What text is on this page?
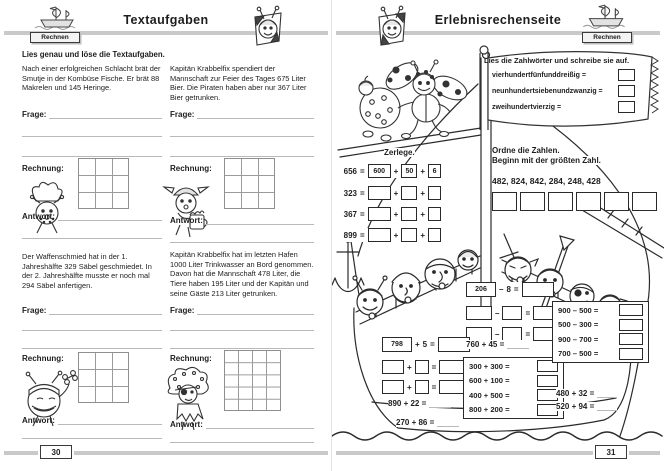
Textaufgaben
Rechnen
Lies genau und löse die Textaufgaben.
Nach einer erfolgreichen Schlacht brät der Smutje in der Kombüse Fische. Er brät 88 Makrelen und 145 Heringe.
Kapitän Krabbelfix spendiert der Mannschaft zur Feier des Tages 675 Liter Bier. Die Piraten haben aber nur 367 Liter Bier getrunken.
Frage:	Frage:
Rechnung:	Rechnung:
Antwort:	Antwort:
Der Waffenschmied hat in der 1. Jahreshälfte 329 Säbel geschmiedet. In der 2. Jahreshälfte musste er noch mal 294 Säbel anfertigen.
Kapitän Krabbelfix hat im letzten Hafen 1000 Liter Trinkwasser an Bord genommen. Davon hat die Mannschaft 478 Liter, die Tiere haben 195 Liter und der Kapitän und seine Gäste 213 Liter getrunken.
Frage:	Frage:
Rechnung:	Rechnung:
Antwort:	Antwort:
30
Erlebnisrechenseite
Rechnen
Lies die Zahlwörter und schreibe sie auf.
vierhundertfünfunddreißig =
neunhundertsiebenundzwanzig =
zweihundertvierzig =
Zerlege.
656 =	600	+	50 +	6
323 =	+	+
367 =	+	+
899 =	+	+
Ordne die Zahlen.
Beginn mit der größten Zahl.
482, 824, 842, 284, 248, 428
206	– 8 =
–	=
–	=
798	+ 5 =
+	=
+	=
890 + 22 =
270 + 86 =
760 + 45 =
300 + 300 =
600 + 100 =
400 + 500 =
800 + 200 =
900 – 500 =
500 – 300 =
900 – 700 =
700 – 500 =
480 + 32 =
520 + 94 =
31
